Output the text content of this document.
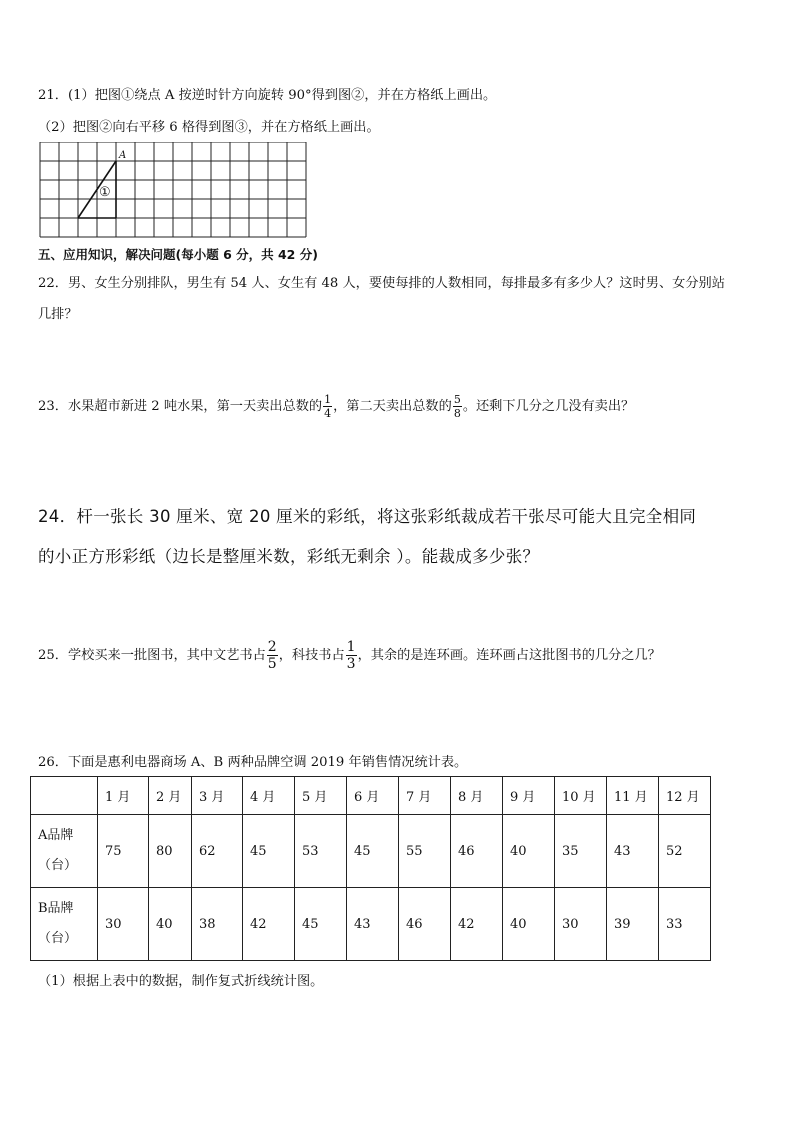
21．(1）把图①绕点 A 按逆时针方向旋转 90°得到图②，并在方格纸上画出。
（2）把图②向右平移 6 格得到图③，并在方格纸上画出。
A
①
五、应用知识，解决问题(每小题 6 分，共 42 分)
22．男、女生分别排队，男生有 54 人、女生有 48 人，要使每排的人数相同，每排最多有多少人？这时男、女分别站
几排？
23．水果超市新进 2 吨水果，第一天卖出总数的 $\frac{1}{4}$ ，第二天卖出总数的 $\frac{5}{8}$ 。还剩下几分之几没有卖出？
24．杆一张长 30 厘米、宽 20 厘米的彩纸，将这张彩纸裁成若干张尽可能大且完全相同
的小正方形彩纸（边长是整厘米数，彩纸无剩余 ）。能裁成多少张？
25．学校买来一批图书，其中文艺书占 $\frac{2}{5}$ ，科技书占 $\frac{1}{3}$ ，其余的是连环画。连环画占这批图书的几分之几？
26．下面是惠利电器商场 A、B 两种品牌空调 2019 年销售情况统计表。
	1 月	2 月	3 月	4 月	5 月	6 月	7 月	8 月	9 月	10 月	11 月	12 月

A品牌
（台）	75	80	62	45	53	45	55	46	40	35	43	52

B品牌
（台）	30	40	38	42	45	43	46	42	40	30	39	33
（1）根据上表中的数据，制作复式折线统计图。
